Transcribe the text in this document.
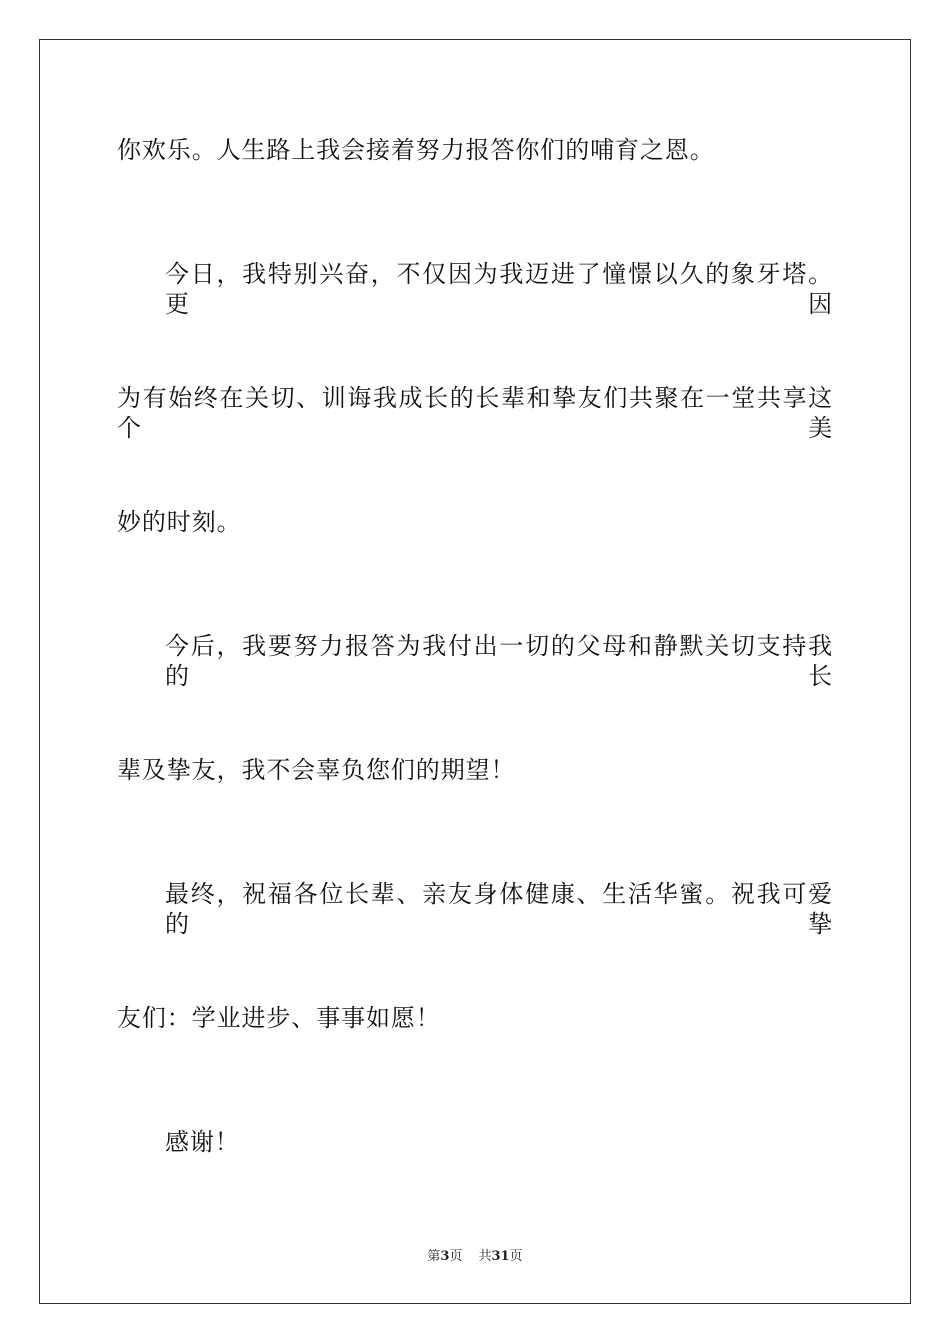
你欢乐。人生路上我会接着努力报答你们的哺育之恩。
今日，我特别兴奋，不仅因为我迈进了憧憬以久的象牙塔。更因
为有始终在关切、训诲我成长的长辈和挚友们共聚在一堂共享这个美
妙的时刻。
今后，我要努力报答为我付出一切的父母和静默关切支持我的长
辈及挚友，我不会辜负您们的期望！
最终，祝福各位长辈、亲友身体健康、生活华蜜。祝我可爱的挚
友们：学业进步、事事如愿！
感谢！
第3页 共31页
